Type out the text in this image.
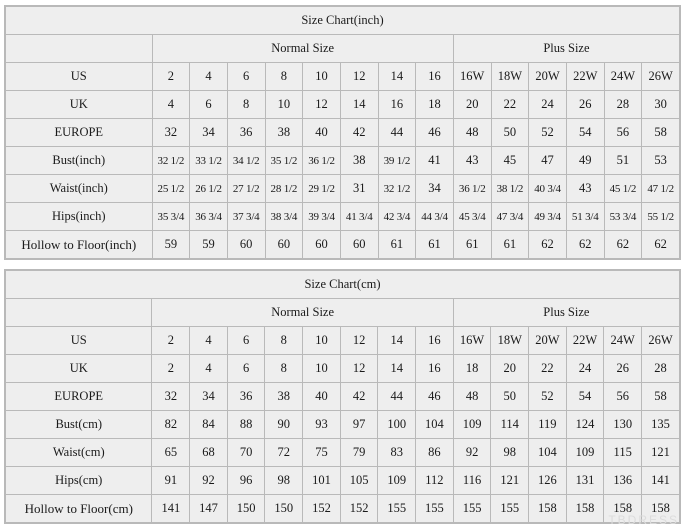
Size Chart(inch)														
	Normal Size								Plus Size					
US	2	4	6	8	10	12	14	16	16W	18W	20W	22W	24W	26W
UK	4	6	8	10	12	14	16	18	20	22	24	26	28	30
EUROPE	32	34	36	38	40	42	44	46	48	50	52	54	56	58
Bust(inch)	32 1/2	33 1/2	34 1/2	35 1/2	36 1/2	38	39 1/2	41	43	45	47	49	51	53
Waist(inch)	25 1/2	26 1/2	27 1/2	28 1/2	29 1/2	31	32 1/2	34	36 1/2	38 1/2	40 3/4	43	45 1/2	47 1/2
Hips(inch)	35 3/4	36 3/4	37 3/4	38 3/4	39 3/4	41 3/4	42 3/4	44 3/4	45 3/4	47 3/4	49 3/4	51 3/4	53 3/4	55 1/2
Hollow to Floor(inch)	59	59	60	60	60	60	61	61	61	61	62	62	62	62
Size Chart(cm)														
	Normal Size								Plus Size					
US	2	4	6	8	10	12	14	16	16W	18W	20W	22W	24W	26W
UK	2	4	6	8	10	12	14	16	18	20	22	24	26	28
EUROPE	32	34	36	38	40	42	44	46	48	50	52	54	56	58
Bust(cm)	82	84	88	90	93	97	100	104	109	114	119	124	130	135
Waist(cm)	65	68	70	72	75	79	83	86	92	98	104	109	115	121
Hips(cm)	91	92	96	98	101	105	109	112	116	121	126	131	136	141
Hollow to Floor(cm)	141	147	150	150	152	152	155	155	155	155	158	158	158	158
TBDRESS
